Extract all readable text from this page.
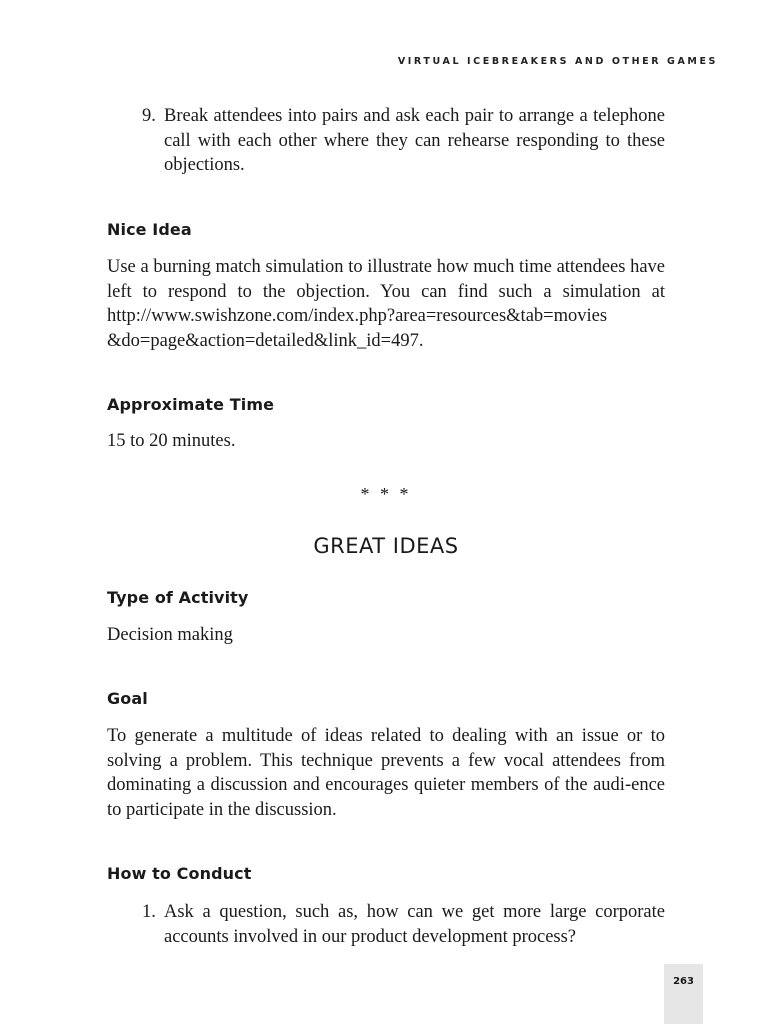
VIRTUAL ICEBREAKERS AND OTHER GAMES
9. Break attendees into pairs and ask each pair to arrange a telephone call with each other where they can rehearse responding to these objections.
Nice Idea
Use a burning match simulation to illustrate how much time attendees have left to respond to the objection. You can find such a simulation at http://www.swishzone.com/index.php?area=resources&tab=movies &do=page&action=detailed&link_id=497.
Approximate Time
15 to 20 minutes.
* * *
GREAT IDEAS
Type of Activity
Decision making
Goal
To generate a multitude of ideas related to dealing with an issue or to solving a problem. This technique prevents a few vocal attendees from dominating a discussion and encourages quieter members of the audi-ence to participate in the discussion.
How to Conduct
1. Ask a question, such as, how can we get more large corporate accounts involved in our product development process?
263
